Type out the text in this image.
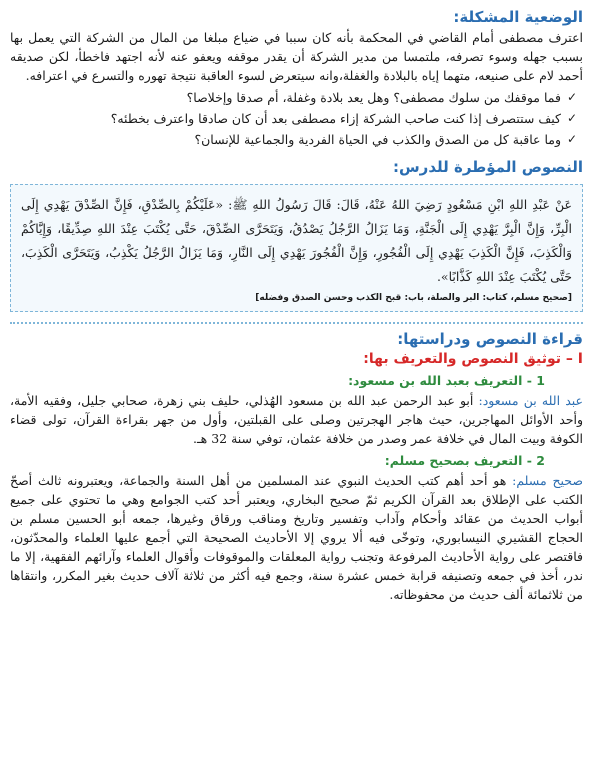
الوضعية المشكلة:

اعترف مصطفى أمام القاضي في المحكمة بأنه كان سببا في ضياع مبلغا من المال من الشركة التي يعمل بها بسبب جهله وسوء تصرفه، ملتمسا من مدير الشركة أن يقدر موقفه ويعفو عنه لأنه اجتهد فاخطأ، لكن صديقه أحمد لام على صنيعه، متهما إياه بالبلادة والغفلة،وانه سيتعرض لسوء العاقبة نتيجة تهوره والتسرع في اعترافه.

✓
فما موقفك من سلوك مصطفى؟ وهل يعد بلادة وغفلة، أم صدقا وإخلاصا؟
✓
كيف ستتصرف إذا كنت صاحب الشركة إزاء مصطفى بعد أن كان صادقا واعترف بخطئه؟
✓
وما عاقبة كل من الصدق والكذب في الحياة الفردية والجماعية للإنسان؟
النصوص المؤطرة للدرس:

عَنْ عَبْدِ اللهِ ابْنِ مَسْعُودٍ رَضِيَ اللهُ عَنْهُ، قَالَ: قَالَ رَسُولُ اللهِ ﷺ: «عَلَيْكُمْ بِالصِّدْقِ، فَإِنَّ الصِّدْقَ يَهْدِي إِلَى الْبِرِّ، وَإِنَّ الْبِرَّ يَهْدِي إِلَى الْجَنَّةِ، وَمَا يَزَالُ الرَّجُلُ يَصْدُقُ، وَيَتَحَرَّى الصِّدْقَ، حَتَّى يُكْتَبَ عِنْدَ اللهِ صِدِّيقًا، وَإِيَّاكُمْ وَالْكَذِبَ، فَإِنَّ الْكَذِبَ يَهْدِي إِلَى الْفُجُورِ، وَإِنَّ الْفُجُورَ يَهْدِي إِلَى النَّارِ، وَمَا يَزَالُ الرَّجُلُ يَكْذِبُ، وَيَتَحَرَّى الْكَذِبَ، حَتَّى يُكْتَبَ عِنْدَ اللهِ كَذَّابًا».

[صحيح مسلم، كتاب: البر والصلة، باب: قبح الكذب وحسن الصدق وفضله]

قراءة النصوص ودراستها:
I – توثيق النصوص والتعريف بها:
1 - التعريف بعبد الله بن مسعود:

عبد الله بن مسعود: أبو عبد الرحمن عبد الله بن مسعود الهُذلي، حليف بني زهرة، صحابي جليل، وفقيه الأمة، وأحد الأوائل المهاجرين، حيث هاجر الهجرتين وصلى على القبلتين، وأول من جهر بقراءة القرآن، تولى قضاء الكوفة وبيت المال في خلافة عمر وصدر من خلافة عثمان، توفي سنة 32 هـ.

2 - التعريف بصحيح مسلم:

صحيح مسلم: هو أحد أهم كتب الحديث النبوي عند المسلمين من أهل السنة والجماعة، ويعتبرونه ثالث أصحّ الكتب على الإطلاق بعد القرآن الكريم ثمّ صحيح البخاري، ويعتبر أحد كتب الجوامع وهي ما تحتوي على جميع أبواب الحديث من عقائد وأحكام وآداب وتفسير وتاريخ ومناقب ورقاق وغيرها، جمعه أبو الحسين مسلم بن الحجاج القشيري النيسابوري، وتوخّى فيه ألا يروي إلا الأحاديث الصحيحة التي أجمع عليها العلماء والمحدّثون، فاقتصر على رواية الأحاديث المرفوعة وتجنب رواية المعلقات والموقوفات وأقوال العلماء وآرائهم الفقهية، إلا ما ندر، أخذ في جمعه وتصنيفه قرابة خمس عشرة سنة، وجمع فيه أكثر من ثلاثة آلاف حديث بغير المكرر، وانتقاها من ثلاثمائة ألف حديث من محفوظاته.
